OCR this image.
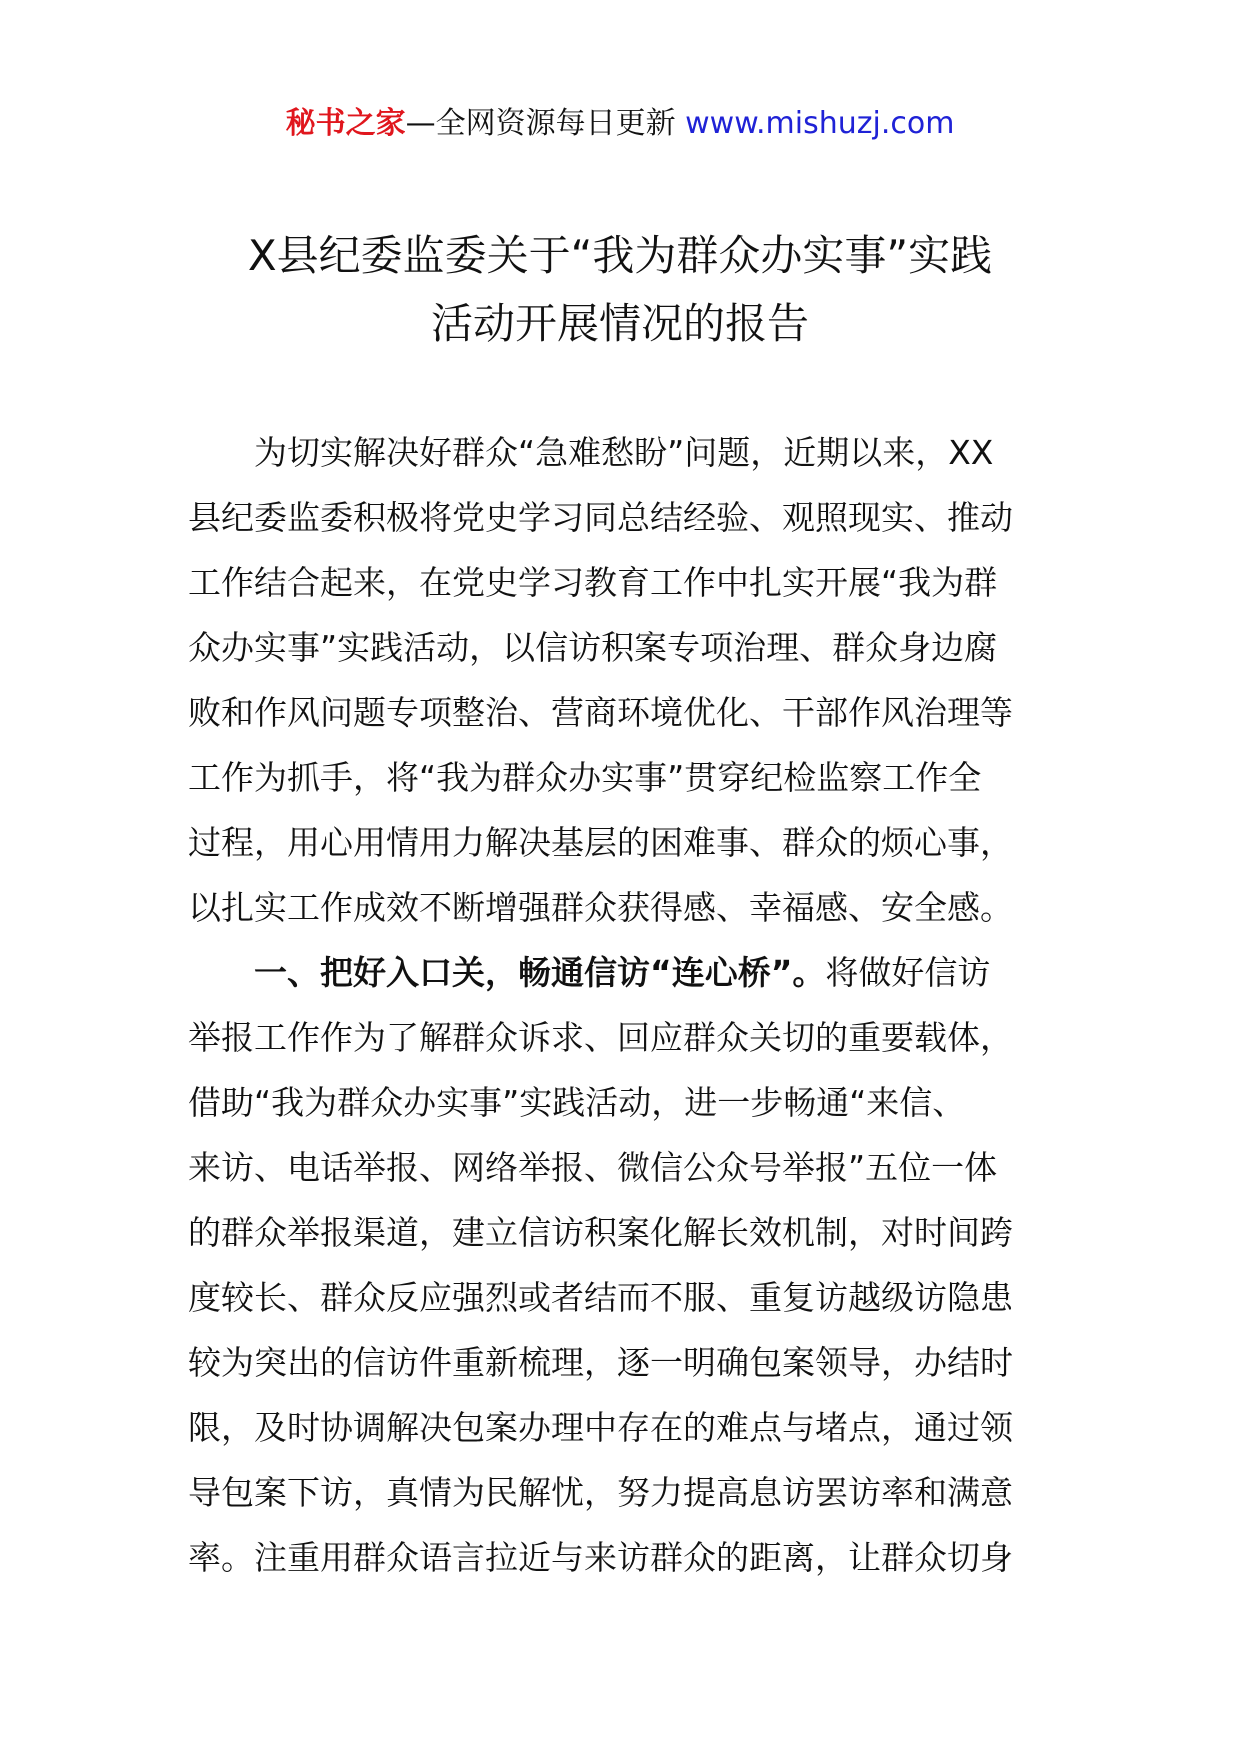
秘书之家—全网资源每日更新 www.mishuzj.com
X县纪委监委关于“我为群众办实事”实践
活动开展情况的报告
为切实解决好群众“急难愁盼”问题，近期以来，XX
县纪委监委积极将党史学习同总结经验、观照现实、推动
工作结合起来，在党史学习教育工作中扎实开展“我为群
众办实事”实践活动，以信访积案专项治理、群众身边腐
败和作风问题专项整治、营商环境优化、干部作风治理等
工作为抓手，将“我为群众办实事”贯穿纪检监察工作全
过程，用心用情用力解决基层的困难事、群众的烦心事，
以扎实工作成效不断增强群众获得感、幸福感、安全感。
一、把好入口关，畅通信访“连心桥”。将做好信访
举报工作作为了解群众诉求、回应群众关切的重要载体，
借助“我为群众办实事”实践活动，进一步畅通“来信、
来访、电话举报、网络举报、微信公众号举报”五位一体
的群众举报渠道，建立信访积案化解长效机制，对时间跨
度较长、群众反应强烈或者结而不服、重复访越级访隐患
较为突出的信访件重新梳理，逐一明确包案领导，办结时
限，及时协调解决包案办理中存在的难点与堵点，通过领
导包案下访，真情为民解忧，努力提高息访罢访率和满意
率。注重用群众语言拉近与来访群众的距离，让群众切身
